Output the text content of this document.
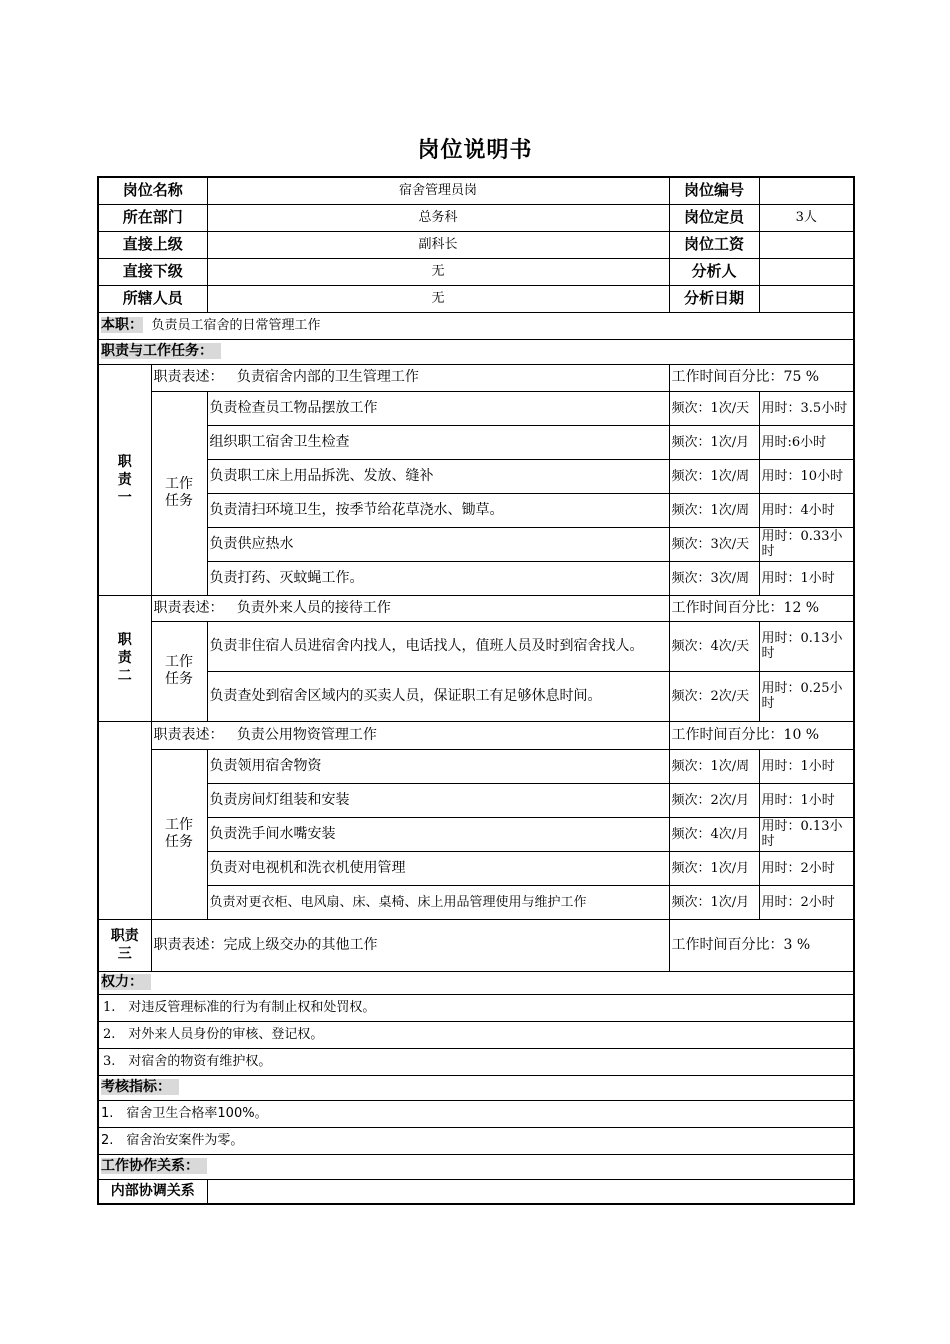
岗位说明书
岗位名称		宿舍管理员岗	岗位编号	
所在部门		总务科	岗位定员	3人
直接上级		副科长	岗位工资	
直接下级		无	分析人	
所辖人员		无	分析日期	
本职： 负责员工宿舍的日常管理工作				
职责与工作任务：				
职责一	职责表述： 负责宿舍内部的卫生管理工作		工作时间百分比：75 %	
	工作任务	负责检查员工物品摆放工作	频次：1次/天	用时：3.5小时
		组织职工宿舍卫生检查	频次：1次/月	用时:6小时
		负责职工床上用品拆洗、发放、缝补	频次：1次/周	用时：10小时
		负责清扫环境卫生，按季节给花草浇水、锄草。	频次：1次/周	用时：4小时
		负责供应热水	频次：3次/天	用时：0.33小时
		负责打药、灭蚊蝇工作。	频次：3次/周	用时：1小时
职责二	职责表述： 负责外来人员的接待工作		工作时间百分比：12 %	
	工作任务	负责非住宿人员进宿舍内找人，电话找人，值班人员及时到宿舍找人。	频次：4次/天	用时：0.13小时
		负责查处到宿舍区域内的买卖人员，保证职工有足够休息时间。	频次：2次/天	用时：0.25小时
	职责表述： 负责公用物资管理工作		工作时间百分比：10 %	
	工作任务	负责领用宿舍物资	频次：1次/周	用时：1小时
		负责房间灯组装和安装	频次：2次/月	用时：1小时
		负责洗手间水嘴安装	频次：4次/月	用时：0.13小时
		负责对电视机和洗衣机使用管理	频次：1次/月	用时：2小时
		负责对更衣柜、电风扇、床、桌椅、床上用品管理使用与维护工作	频次：1次/月	用时：2小时
职责三	职责表述：完成上级交办的其他工作		工作时间百分比：3 %	
权力：				
1.　对违反管理标准的行为有制止权和处罚权。				
2.　对外来人员身份的审核、登记权。				
3.　对宿舍的物资有维护权。				
考核指标：				
1.　宿舍卫生合格率100%。				
2.　宿舍治安案件为零。				
工作协作关系：				
内部协调关系				
